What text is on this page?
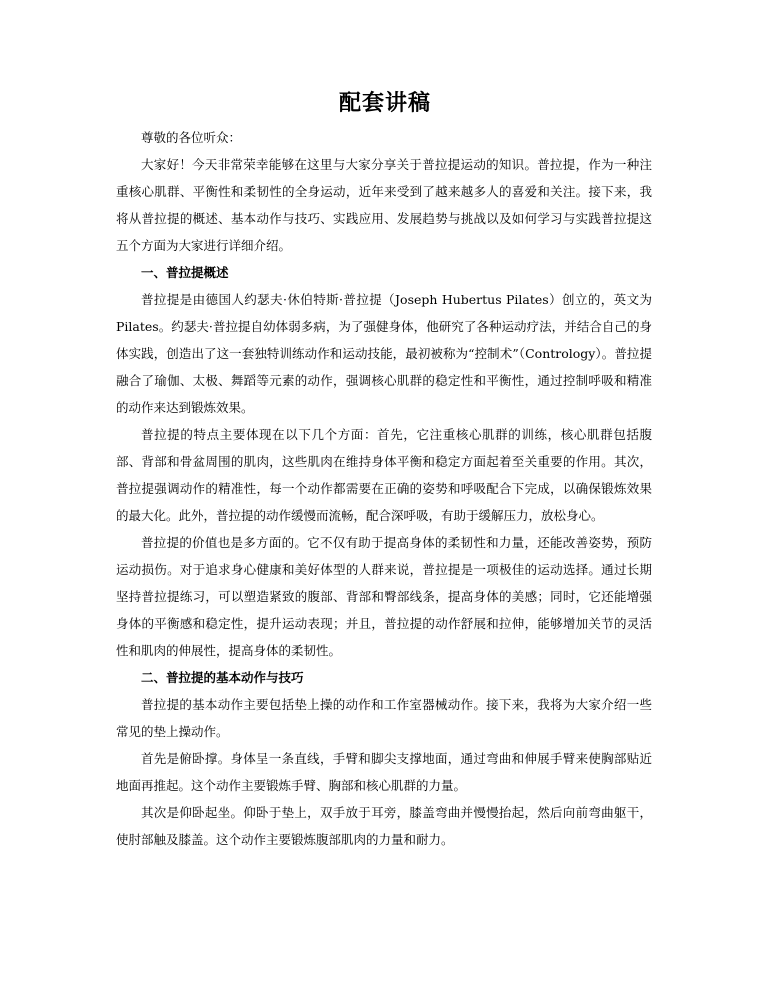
配套讲稿

尊敬的各位听众：

大家好！今天非常荣幸能够在这里与大家分享关于普拉提运动的知识。普拉提，作为一种注重核心肌群、平衡性和柔韧性的全身运动，近年来受到了越来越多人的喜爱和关注。接下来，我将从普拉提的概述、基本动作与技巧、实践应用、发展趋势与挑战以及如何学习与实践普拉提这五个方面为大家进行详细介绍。

一、普拉提概述

普拉提是由德国人约瑟夫·休伯特斯·普拉提（Joseph Hubertus Pilates）创立的，英文为　　Pilates。约瑟夫·普拉提自幼体弱多病，为了强健身体，他研究了各种运动疗法，并结合自己的身体实践，创造出了这一套独特训练动作和运动技能，最初被称为“控制术”（Contrology）。普拉提融合了瑜伽、太极、舞蹈等元素的动作，强调核心肌群的稳定性和平衡性，通过控制呼吸和精准的动作来达到锻炼效果。

普拉提的特点主要体现在以下几个方面：首先，它注重核心肌群的训练，核心肌群包括腹部、背部和骨盆周围的肌肉，这些肌肉在维持身体平衡和稳定方面起着至关重要的作用。其次，普拉提强调动作的精准性，每一个动作都需要在正确的姿势和呼吸配合下完成，以确保锻炼效果的最大化。此外，普拉提的动作缓慢而流畅，配合深呼吸，有助于缓解压力，放松身心。

普拉提的价值也是多方面的。它不仅有助于提高身体的柔韧性和力量，还能改善姿势，预防运动损伤。对于追求身心健康和美好体型的人群来说，普拉提是一项极佳的运动选择。通过长期坚持普拉提练习，可以塑造紧致的腹部、背部和臀部线条，提高身体的美感；同时，它还能增强身体的平衡感和稳定性，提升运动表现；并且，普拉提的动作舒展和拉伸，能够增加关节的灵活性和肌肉的伸展性，提高身体的柔韧性。

二、普拉提的基本动作与技巧

普拉提的基本动作主要包括垫上操的动作和工作室器械动作。接下来，我将为大家介绍一些常见的垫上操动作。

首先是俯卧撑。身体呈一条直线，手臂和脚尖支撑地面，通过弯曲和伸展手臂来使胸部贴近地面再推起。这个动作主要锻炼手臂、胸部和核心肌群的力量。

其次是仰卧起坐。仰卧于垫上，双手放于耳旁，膝盖弯曲并慢慢抬起，然后向前弯曲躯干，使肘部触及膝盖。这个动作主要锻炼腹部肌肉的力量和耐力。
